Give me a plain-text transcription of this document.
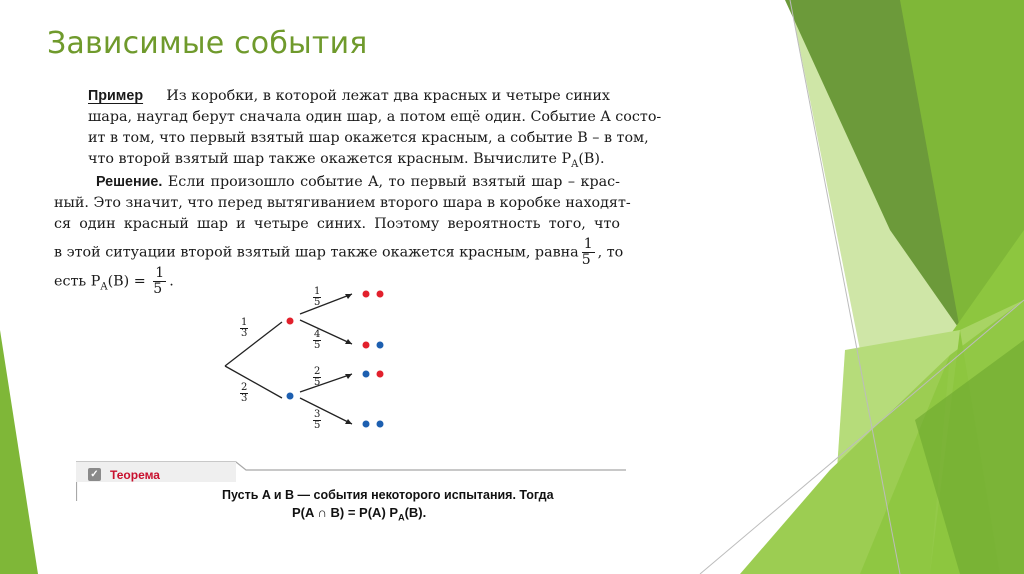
Зависимые события
Пример Из коробки, в которой лежат два красных и четыре синих
шара, наугад берут сначала один шар, а потом ещё один. Событие A состо-
ит в том, что первый взятый шар окажется красным, а событие B – в том,
что второй взятый шар также окажется красным. Вычислите $P_A(B)$.
Решение. Если произошло событие A, то первый взятый шар – крас-
ный. Это значит, что перед вытягиванием второго шара в коробке находят-
ся один красный шар и четыре синих. Поэтому вероятность того, что
в этой ситуации второй взятый шар также окажется красным, равна $\frac{1}{5}$ , то
есть $P_A(B) = \frac{1}{5}$ .
1
3
2
3
1
5
4
5
2
5
3
5
✓ Теорема
Пусть A и B — события некоторого испытания. Тогда
P(A ∩ B) = P(A) $P_A(B)$.
